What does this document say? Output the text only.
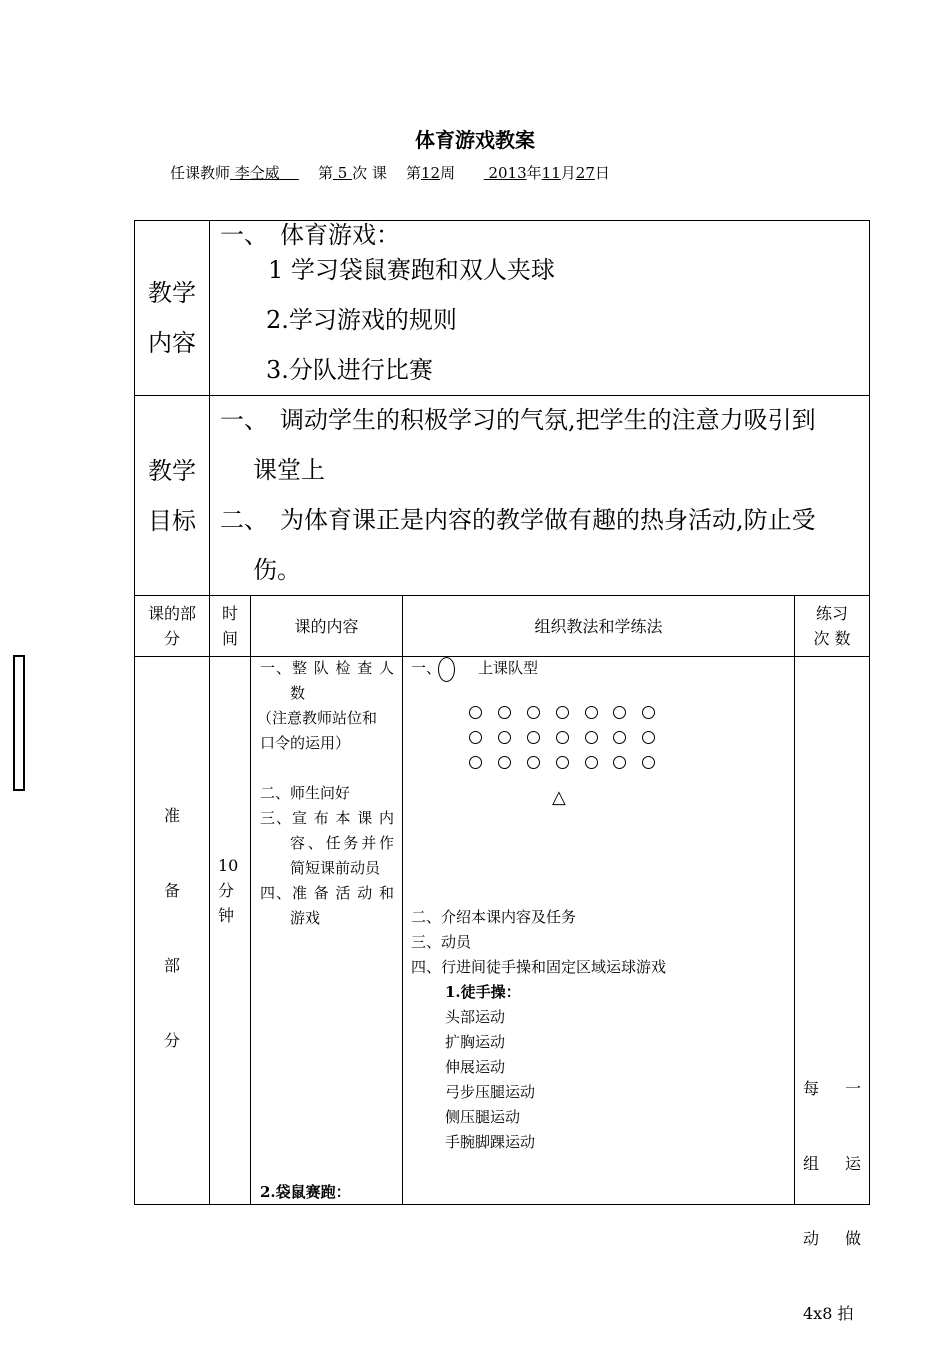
体育游戏教案
任课教师 李仝威	第 5 次 课 第12周 2013年11月27日
教学
内容
一、　体育游戏：
1 学习袋鼠赛跑和双人夹球
2.学习游戏的规则
3.分队进行比赛
教学
目标
一、　调动学生的积极学习的气氛,把学生的注意力吸引到
课堂上
二、　为体育课正是内容的教学做有趣的热身活动,防止受
伤。
课的部
分
时
间
课的内容	组织教法和学练法
练习
次 数
准
备
部
分
10
分
钟
一、整 队 检 查 人
数
（注意教师站位和
口令的运用）
二、师生问好
三、宣 布 本 课 内
容、任务并作
简短课前动员
四、准 备 活 动 和
游戏
2.袋鼠赛跑：
一、 上课队型
△
二、介绍本课内容及任务
三、动员
四、行进间徒手操和固定区域运球游戏
1.徒手操：
头部运动
扩胸运动
伸展运动
弓步压腿运动
侧压腿运动
手腕脚踝运动

每　一

组　运

动　做

4x8 拍
